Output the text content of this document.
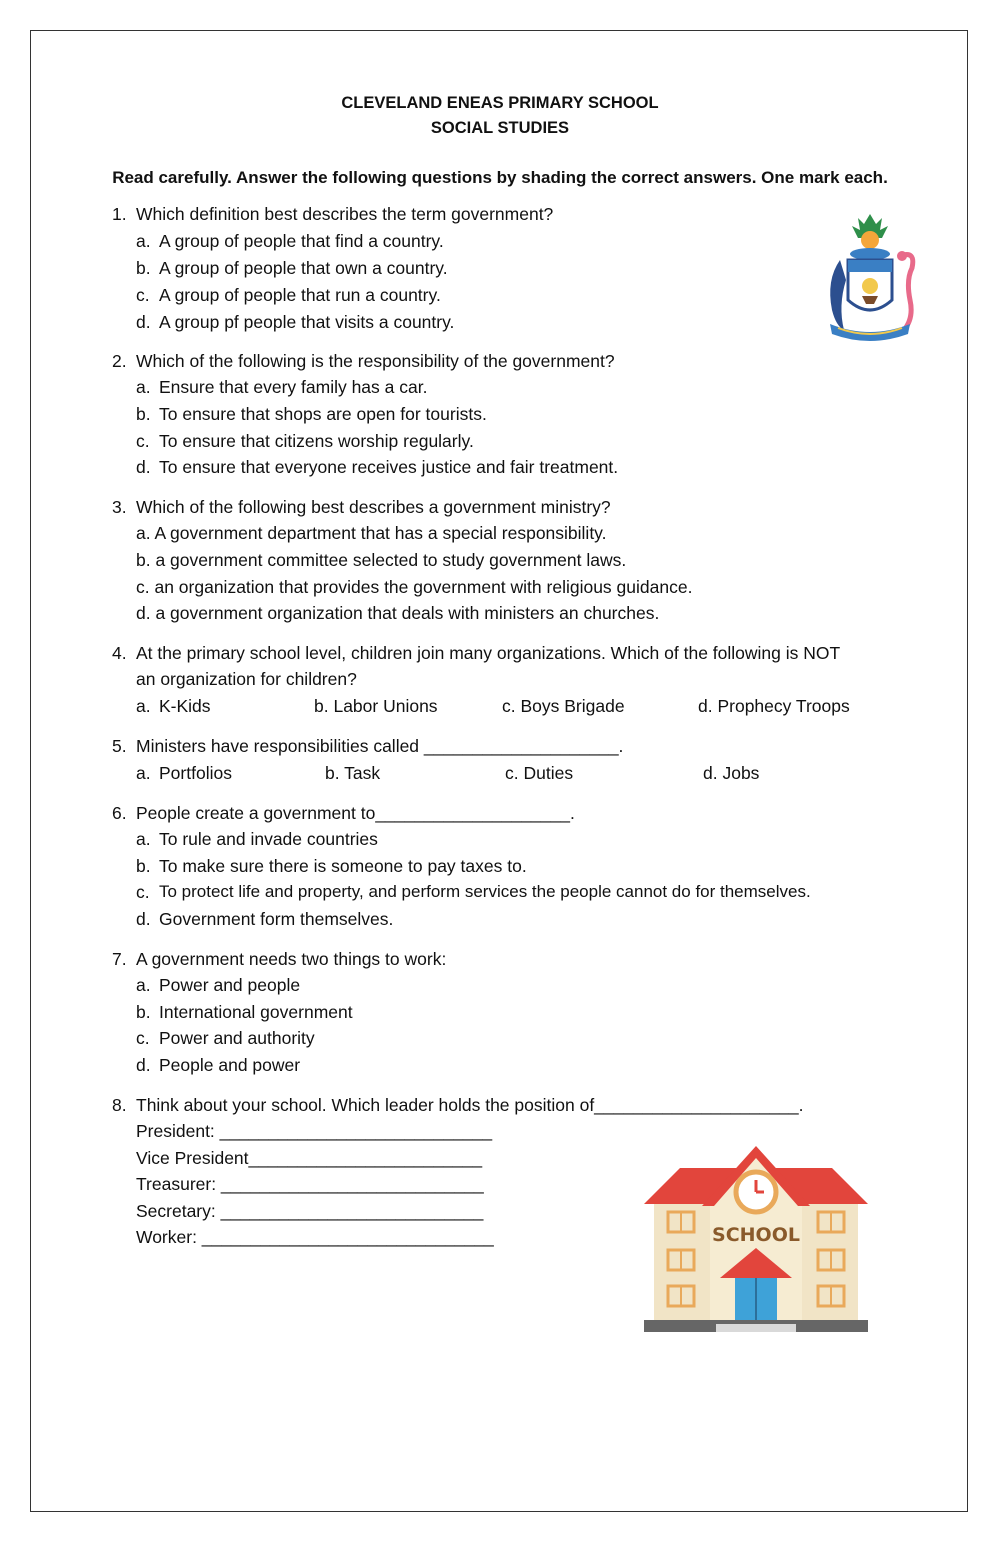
CLEVELAND ENEAS PRIMARY SCHOOL
SOCIAL STUDIES
Read carefully. Answer the following questions by shading the correct answers. One mark each.
1. Which definition best describes the term government?
a. A group of people that find a country.
b. A group of people that own a country.
c. A group of people that run a country.
d. A group pf people that visits a country.
2. Which of the following is the responsibility of the government?
a. Ensure that every family has a car.
b. To ensure that shops are open for tourists.
c. To ensure that citizens worship regularly.
d. To ensure that everyone receives justice and fair treatment.
3. Which of the following best describes a government ministry?
a. A government department that has a special responsibility.
b. a government committee selected to study government laws.
c. an organization that provides the government with religious guidance.
d. a government organization that deals with ministers an churches.
4. At the primary school level, children join many organizations. Which of the following is NOT
an organization for children?
a. K-Kids	b. Labor Unions	c. Boys Brigade	d. Prophecy Troops
5. Ministers have responsibilities called ____________________.
a. Portfolios	b. Task	c. Duties	d. Jobs
6. People create a government to____________________.
a. To rule and invade countries
b. To make sure there is someone to pay taxes to.
c. To protect life and property, and perform services the people cannot do for themselves.
d. Government form themselves.
7. A government needs two things to work:
a. Power and people
b. International government
c. Power and authority
d. People and power
8. Think about your school. Which leader holds the position of_____________________.
President: ____________________________
Vice President________________________
Treasurer: ___________________________
Secretary: ___________________________
Worker: ______________________________	SCHOOL
